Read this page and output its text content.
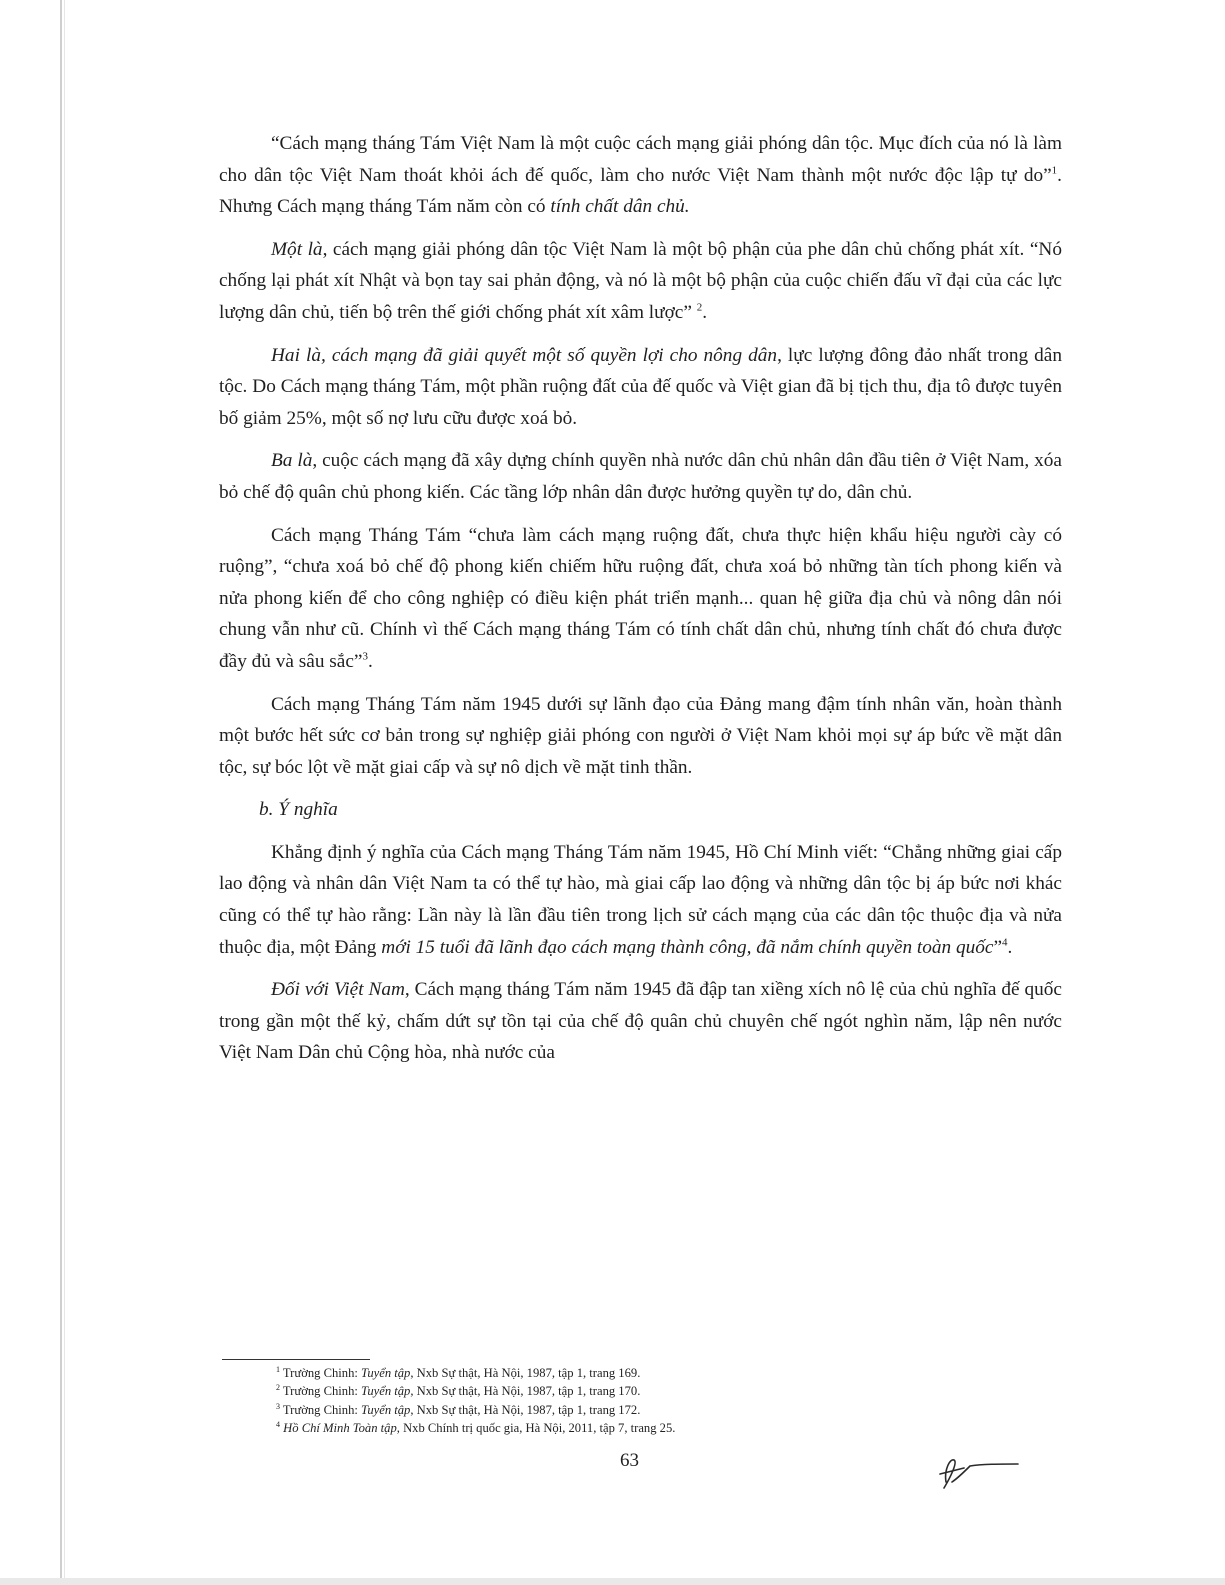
“Cách mạng tháng Tám Việt Nam là một cuộc cách mạng giải phóng dân tộc. Mục đích của nó là làm cho dân tộc Việt Nam thoát khỏi ách đế quốc, làm cho nước Việt Nam thành một nước độc lập tự do”$^1$. Nhưng Cách mạng tháng Tám năm còn có tính chất dân chủ.

Một là, cách mạng giải phóng dân tộc Việt Nam là một bộ phận của phe dân chủ chống phát xít. “Nó chống lại phát xít Nhật và bọn tay sai phản động, và nó là một bộ phận của cuộc chiến đấu vĩ đại của các lực lượng dân chủ, tiến bộ trên thế giới chống phát xít xâm lược” $^2$.

Hai là, cách mạng đã giải quyết một số quyền lợi cho nông dân, lực lượng đông đảo nhất trong dân tộc. Do Cách mạng tháng Tám, một phần ruộng đất của đế quốc và Việt gian đã bị tịch thu, địa tô được tuyên bố giảm 25%, một số nợ lưu cữu được xoá bỏ.

Ba là, cuộc cách mạng đã xây dựng chính quyền nhà nước dân chủ nhân dân đầu tiên ở Việt Nam, xóa bỏ chế độ quân chủ phong kiến. Các tầng lớp nhân dân được hưởng quyền tự do, dân chủ.

Cách mạng Tháng Tám “chưa làm cách mạng ruộng đất, chưa thực hiện khẩu hiệu người cày có ruộng”, “chưa xoá bỏ chế độ phong kiến chiếm hữu ruộng đất, chưa xoá bỏ những tàn tích phong kiến và nửa phong kiến để cho công nghiệp có điều kiện phát triển mạnh... quan hệ giữa địa chủ và nông dân nói chung vẫn như cũ. Chính vì thế Cách mạng tháng Tám có tính chất dân chủ, nhưng tính chất đó chưa được đầy đủ và sâu sắc”$^3$.

Cách mạng Tháng Tám năm 1945 dưới sự lãnh đạo của Đảng mang đậm tính nhân văn, hoàn thành một bước hết sức cơ bản trong sự nghiệp giải phóng con người ở Việt Nam khỏi mọi sự áp bức về mặt dân tộc, sự bóc lột về mặt giai cấp và sự nô dịch về mặt tinh thần.

b. Ý nghĩa

Khẳng định ý nghĩa của Cách mạng Tháng Tám năm 1945, Hồ Chí Minh viết: “Chẳng những giai cấp lao động và nhân dân Việt Nam ta có thể tự hào, mà giai cấp lao động và những dân tộc bị áp bức nơi khác cũng có thể tự hào rằng: Lần này là lần đầu tiên trong lịch sử cách mạng của các dân tộc thuộc địa và nửa thuộc địa, một Đảng mới 15 tuổi đã lãnh đạo cách mạng thành công, đã nắm chính quyền toàn quốc”$^4$.

Đối với Việt Nam, Cách mạng tháng Tám năm 1945 đã đập tan xiềng xích nô lệ của chủ nghĩa đế quốc trong gần một thế kỷ, chấm dứt sự tồn tại của chế độ quân chủ chuyên chế ngót nghìn năm, lập nên nước Việt Nam Dân chủ Cộng hòa, nhà nước của

$^1$ Trường Chinh: Tuyển tập, Nxb Sự thật, Hà Nội, 1987, tập 1, trang 169.
$^2$ Trường Chinh: Tuyển tập, Nxb Sự thật, Hà Nội, 1987, tập 1, trang 170.
$^3$ Trường Chinh: Tuyển tập, Nxb Sự thật, Hà Nội, 1987, tập 1, trang 172.
$^4$ Hồ Chí Minh Toàn tập, Nxb Chính trị quốc gia, Hà Nội, 2011, tập 7, trang 25.
63
